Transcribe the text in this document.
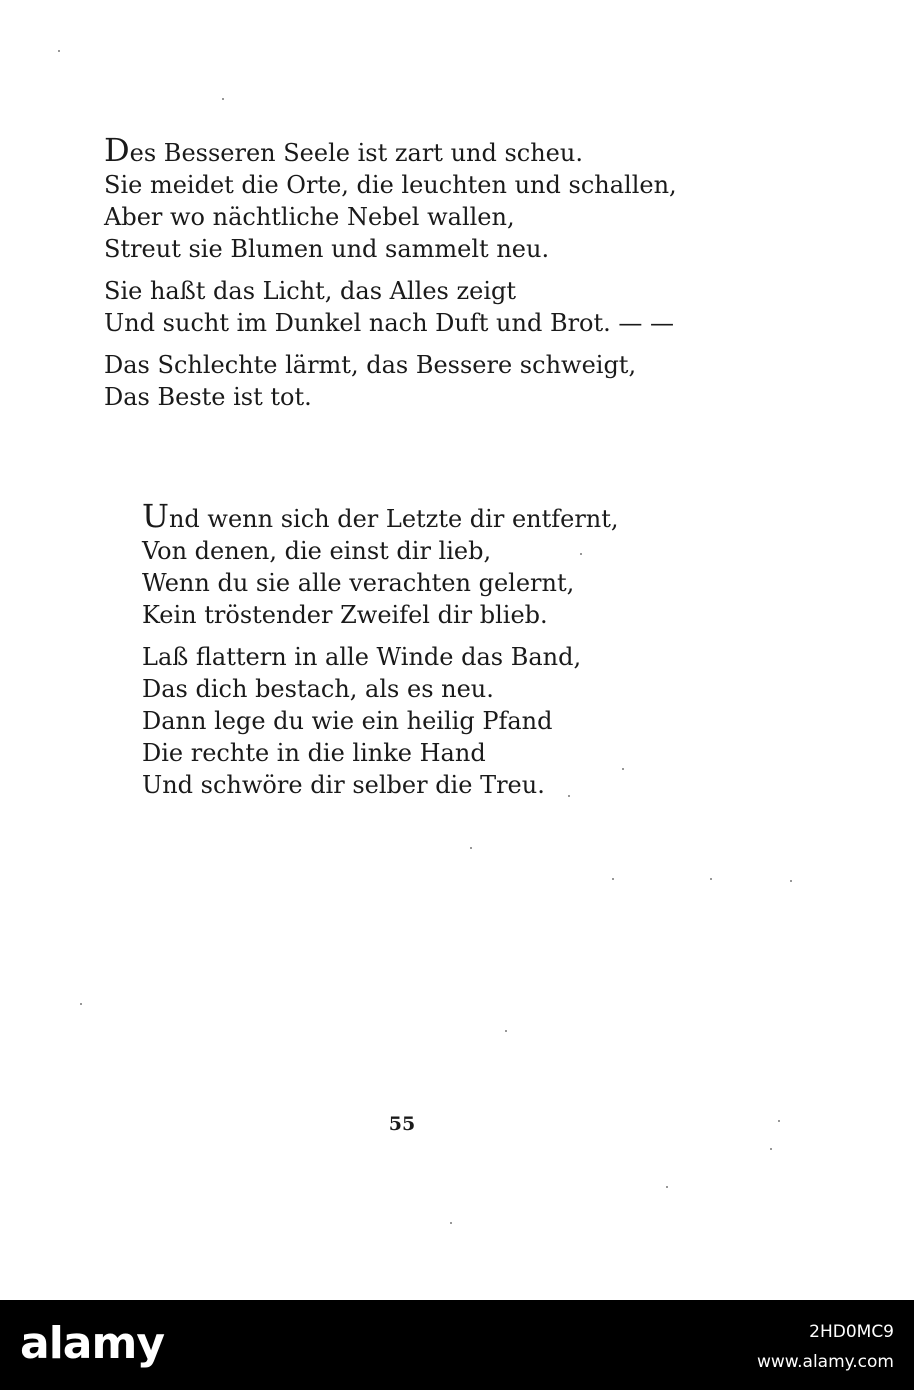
Des Besseren Seele ist zart und scheu.
Sie meidet die Orte, die leuchten und schallen,
Aber wo nächtliche Nebel wallen,
Streut sie Blumen und sammelt neu.
Sie haßt das Licht, das Alles zeigt
Und sucht im Dunkel nach Duft und Brot. — —
Das Schlechte lärmt, das Bessere schweigt,
Das Beste ist tot.
Und wenn sich der Letzte dir entfernt,
Von denen, die einst dir lieb,
Wenn du sie alle verachten gelernt,
Kein tröstender Zweifel dir blieb.
Laß flattern in alle Winde das Band,
Das dich bestach, als es neu.
Dann lege du wie ein heilig Pfand
Die rechte in die linke Hand
Und schwöre dir selber die Treu.
55
alamy	2HD0MC9
www.alamy.com
